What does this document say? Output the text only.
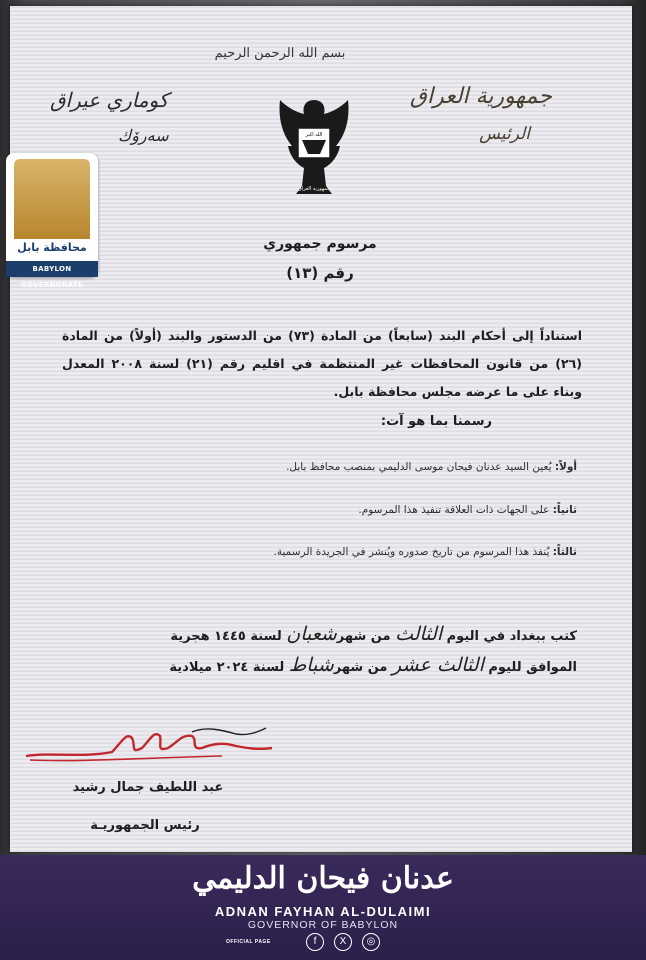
بسم الله الرحمن الرحيم
جمهورية العراق
الرئيس
كوماري عيراق
سەرۆك	الله اكبر
جمهورية العراق
مرسوم جمهوري
رقم (١٣)
استناداً إلى أحكام البند (سابعاً) من المادة (٧٣) من الدستور والبند (أولاً) من المادة (٢٦) من قانون المحافظات غير المنتظمة في اقليم رقم (٢١) لسنة ٢٠٠٨ المعدل وبناء على ما عرضه مجلس محافظة بابل.
رسمنا بما هو آت:
أولاً: يُعين السيد عدنان فيحان موسى الدليمي بمنصب محافظ بابل.
ثانياً: على الجهات ذات العلاقة تنفيذ هذا المرسوم.
ثالثاً: يُنفذ هذا المرسوم من تاريخ صدوره ويُنشر في الجريدة الرسمية.
كتب ببغداد في اليوم الثالث من شهرشعبان لسنة ١٤٤٥ هجرية
الموافق لليوم الثالث عشر من شهرشباط لسنة ٢٠٢٤ ميلادية
عبد اللطيف جمال رشيد
رئيس الجمهوريـة
محافظة بابل
BABYLON GOVERNORATE
عدنان فيحان الدليمي
ADNAN FAYHAN AL-DULAIMI
GOVERNOR OF BABYLON
OFFICIAL PAGE	f	X	◎
